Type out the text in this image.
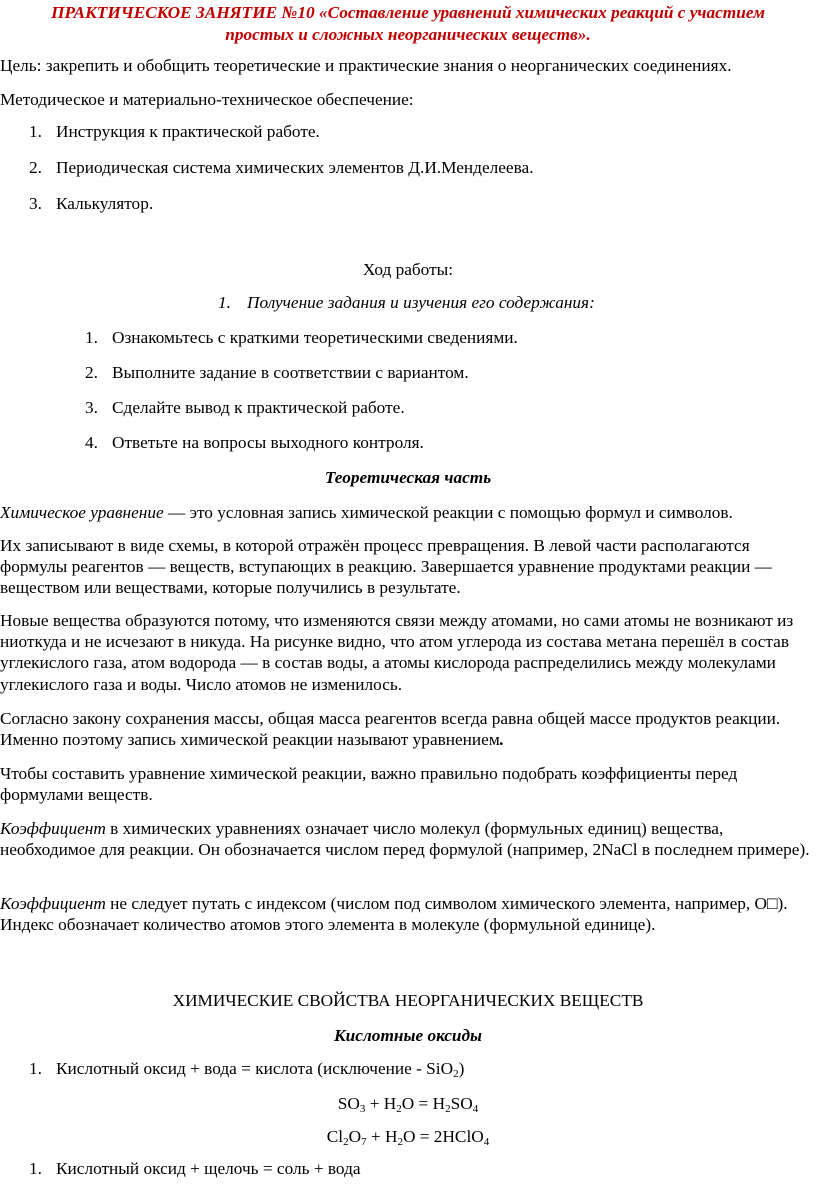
ПРАКТИЧЕСКОЕ ЗАНЯТИЕ №10 «Составление уравнений химических реакций с участием
простых и сложных неорганических веществ».
Цель: закрепить и обобщить теоретические и практические знания о неорганических соединениях.
Методическое и материально-техническое обеспечение:
1. Инструкция к практической работе.
2. Периодическая система химических элементов Д.И.Менделеева.
3. Калькулятор.
Ход работы:
1. Получение задания и изучения его содержания:
1. Ознакомьтесь с краткими теоретическими сведениями.
2. Выполните задание в соответствии с вариантом.
3. Сделайте вывод к практической работе.
4. Ответьте на вопросы выходного контроля.
Теоретическая часть
Химическое уравнение — это условная запись химической реакции с помощью формул и символов.
Их записывают в виде схемы, в которой отражён процесс превращения. В левой части располагаются формулы реагентов — веществ, вступающих в реакцию. Завершается уравнение продуктами реакции — веществом или веществами, которые получились в результате.
Новые вещества образуются потому, что изменяются связи между атомами, но сами атомы не возникают из ниоткуда и не исчезают в никуда. На рисунке видно, что атом углерода из состава метана перешёл в состав углекислого газа, атом водорода — в состав воды, а атомы кислорода распределились между молекулами углекислого газа и воды. Число атомов не изменилось.
Согласно закону сохранения массы, общая масса реагентов всегда равна общей массе продуктов реакции. Именно поэтому запись химической реакции называют уравнением.
Чтобы составить уравнение химической реакции, важно правильно подобрать коэффициенты перед формулами веществ.
Коэффициент в химических уравнениях означает число молекул (формульных единиц) вещества, необходимое для реакции. Он обозначается числом перед формулой (например, 2NaCl в последнем примере).
Коэффициент не следует путать с индексом (числом под символом химического элемента, например, O□). Индекс обозначает количество атомов этого элемента в молекуле (формульной единице).
ХИМИЧЕСКИЕ СВОЙСТВА НЕОРГАНИЧЕСКИХ ВЕЩЕСТВ
Кислотные оксиды
1. Кислотный оксид + вода = кислота (исключение - SiO$_2$)
$SO_3 + H_2O = H_2SO_4$
$Cl_2O_7 + H_2O$ = 2HClO$_4$
1. Кислотный оксид + щелочь = соль + вода
